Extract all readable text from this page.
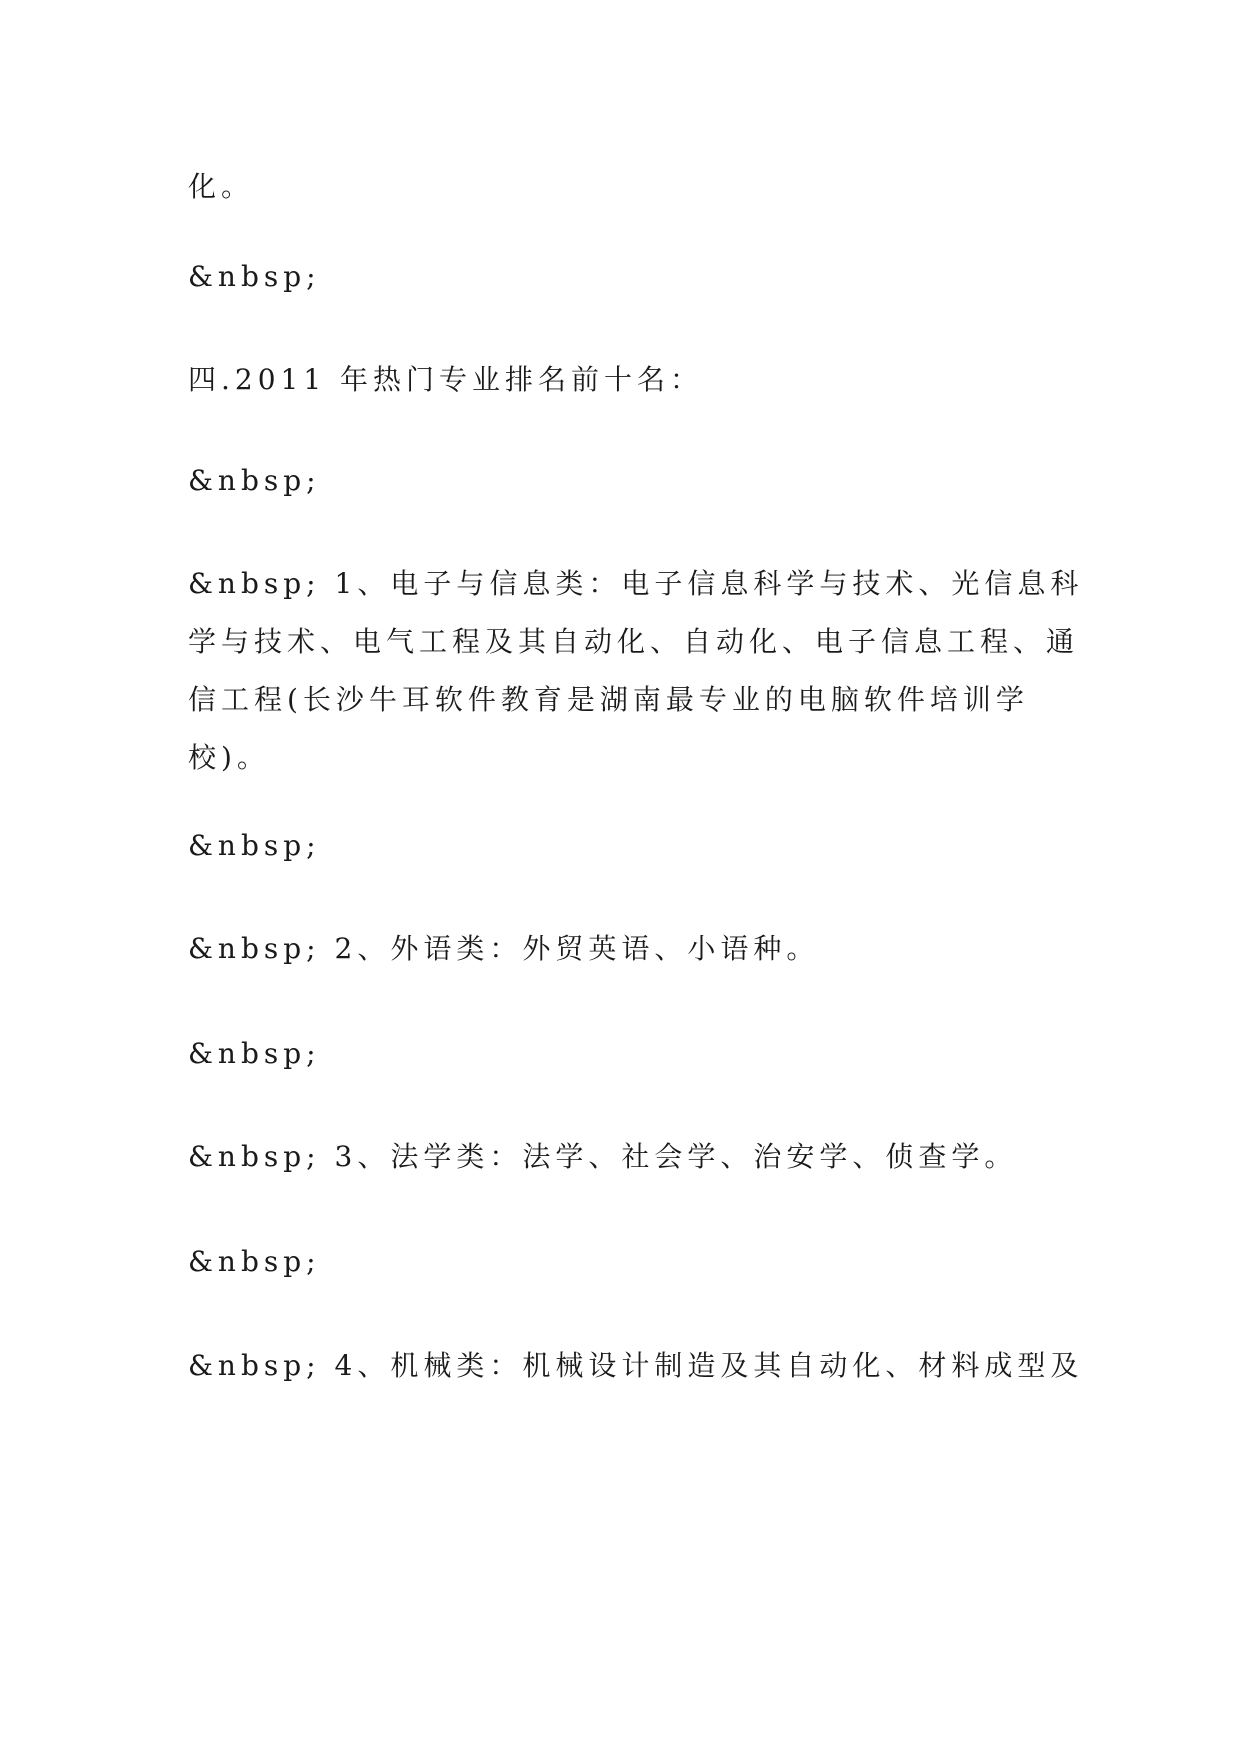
化。

&nbsp;

四.2011 年热门专业排名前十名：

&nbsp;

&nbsp; 1、电子与信息类：电子信息科学与技术、光信息科学与技术、电气工程及其自动化、自动化、电子信息工程、通信工程(长沙牛耳软件教育是湖南最专业的电脑软件培训学校)。

&nbsp;

&nbsp; 2、外语类：外贸英语、小语种。

&nbsp;

&nbsp; 3、法学类：法学、社会学、治安学、侦查学。

&nbsp;

&nbsp; 4、机械类：机械设计制造及其自动化、材料成型及
